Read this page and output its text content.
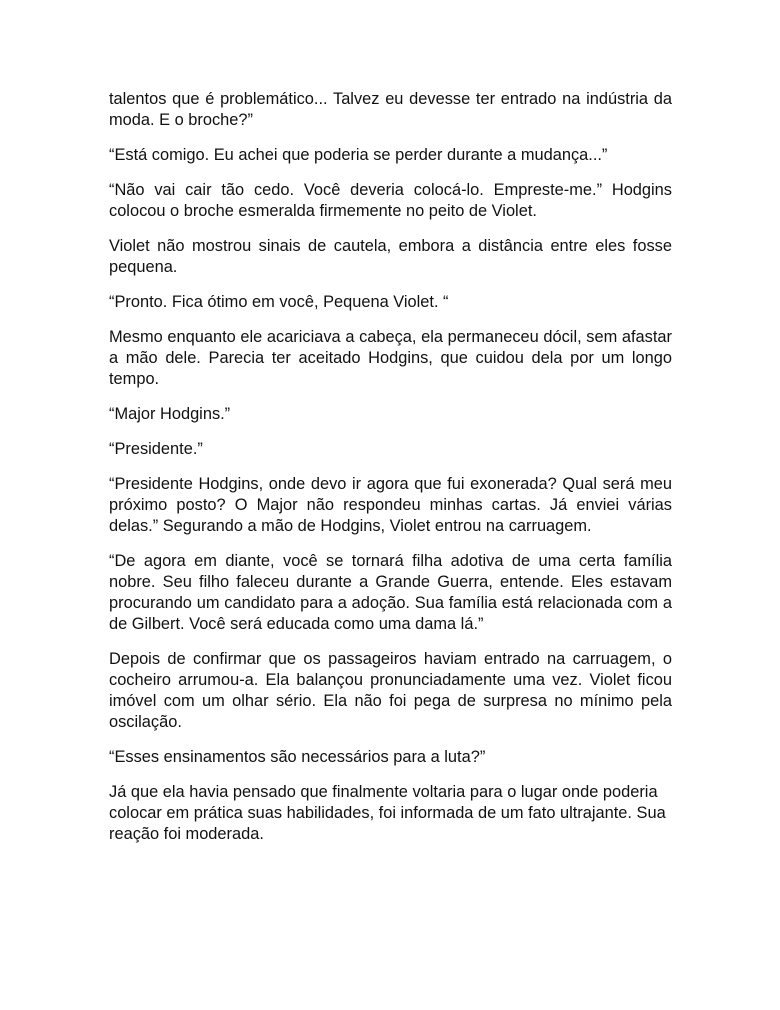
talentos que é problemático... Talvez eu devesse ter entrado na indústria da moda. E o broche?”

“Está comigo. Eu achei que poderia se perder durante a mudança...”

“Não vai cair tão cedo. Você deveria colocá-lo. Empreste-me.” Hodgins colocou o broche esmeralda firmemente no peito de Violet.

Violet não mostrou sinais de cautela, embora a distância entre eles fosse pequena.

“Pronto. Fica ótimo em você, Pequena Violet. “

Mesmo enquanto ele acariciava a cabeça, ela permaneceu dócil, sem afastar a mão dele. Parecia ter aceitado Hodgins, que cuidou dela por um longo tempo.

“Major Hodgins.”

“Presidente.”

“Presidente Hodgins, onde devo ir agora que fui exonerada? Qual será meu próximo posto? O Major não respondeu minhas cartas. Já enviei várias delas.” Segurando a mão de Hodgins, Violet entrou na carruagem.

“De agora em diante, você se tornará filha adotiva de uma certa família nobre. Seu filho faleceu durante a Grande Guerra, entende. Eles estavam procurando um candidato para a adoção. Sua família está relacionada com a de Gilbert. Você será educada como uma dama lá.”

Depois de confirmar que os passageiros haviam entrado na carruagem, o cocheiro arrumou-a. Ela balançou pronunciadamente uma vez. Violet ficou imóvel com um olhar sério. Ela não foi pega de surpresa no mínimo pela oscilação.

“Esses ensinamentos são necessários para a luta?”

Já que ela havia pensado que finalmente voltaria para o lugar onde poderia colocar em prática suas habilidades, foi informada de um fato ultrajante. Sua reação foi moderada.
